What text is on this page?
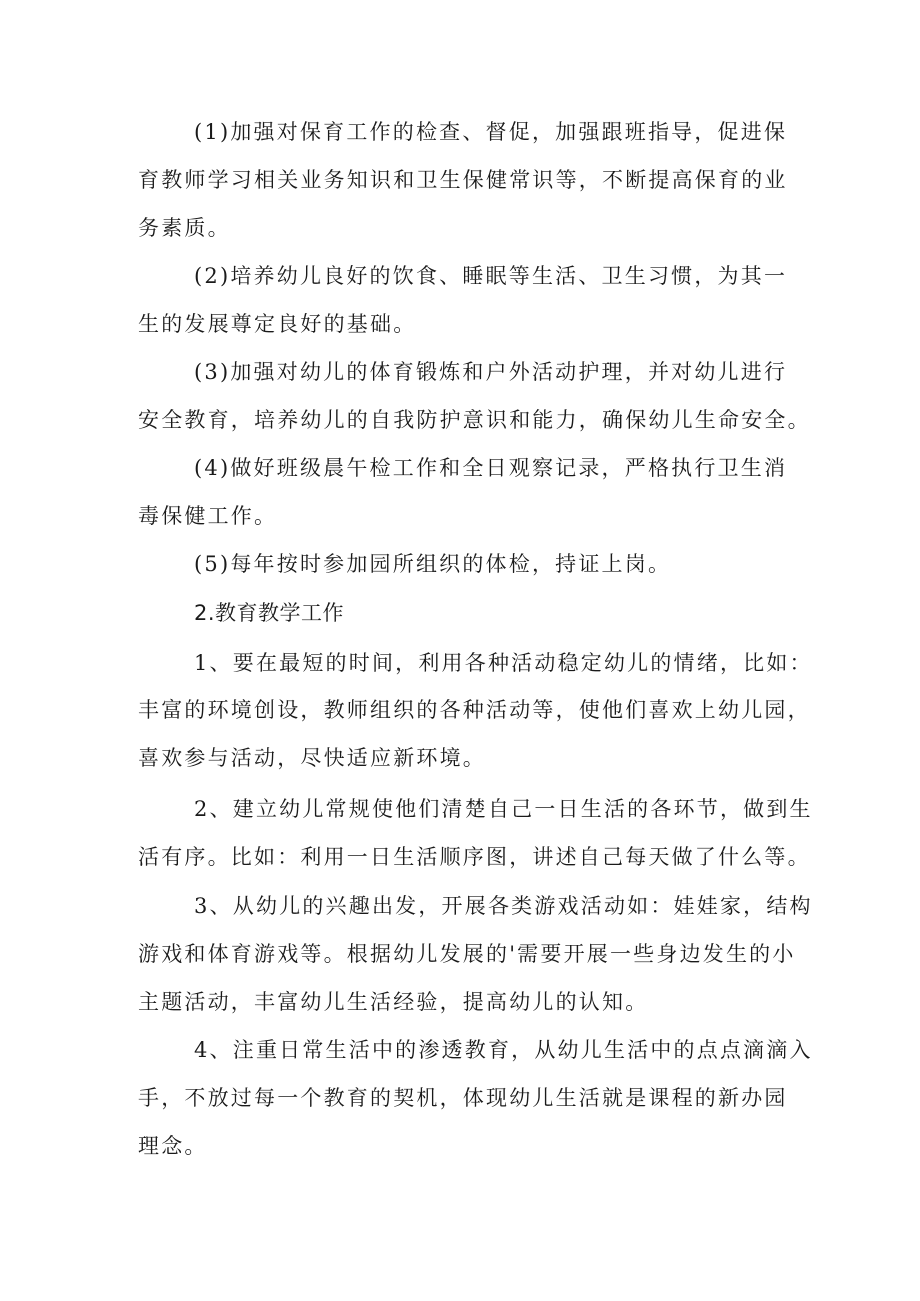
(1)加强对保育工作的检查、督促，加强跟班指导，促进保
育教师学习相关业务知识和卫生保健常识等，不断提高保育的业
务素质。
(2)培养幼儿良好的饮食、睡眠等生活、卫生习惯，为其一
生的发展尊定良好的基础。
(3)加强对幼儿的体育锻炼和户外活动护理，并对幼儿进行
安全教育，培养幼儿的自我防护意识和能力，确保幼儿生命安全。
(4)做好班级晨午检工作和全日观察记录，严格执行卫生消
毒保健工作。
(5)每年按时参加园所组织的体检，持证上岗。
2.教育教学工作
1、要在最短的时间，利用各种活动稳定幼儿的情绪，比如：
丰富的环境创设，教师组织的各种活动等，使他们喜欢上幼儿园，
喜欢参与活动，尽快适应新环境。
2、建立幼儿常规使他们清楚自己一日生活的各环节，做到生
活有序。比如：利用一日生活顺序图，讲述自己每天做了什么等。
3、从幼儿的兴趣出发，开展各类游戏活动如：娃娃家，结构
游戏和体育游戏等。根据幼儿发展的'需要开展一些身边发生的小
主题活动，丰富幼儿生活经验，提高幼儿的认知。
4、注重日常生活中的渗透教育，从幼儿生活中的点点滴滴入
手，不放过每一个教育的契机，体现幼儿生活就是课程的新办园
理念。
